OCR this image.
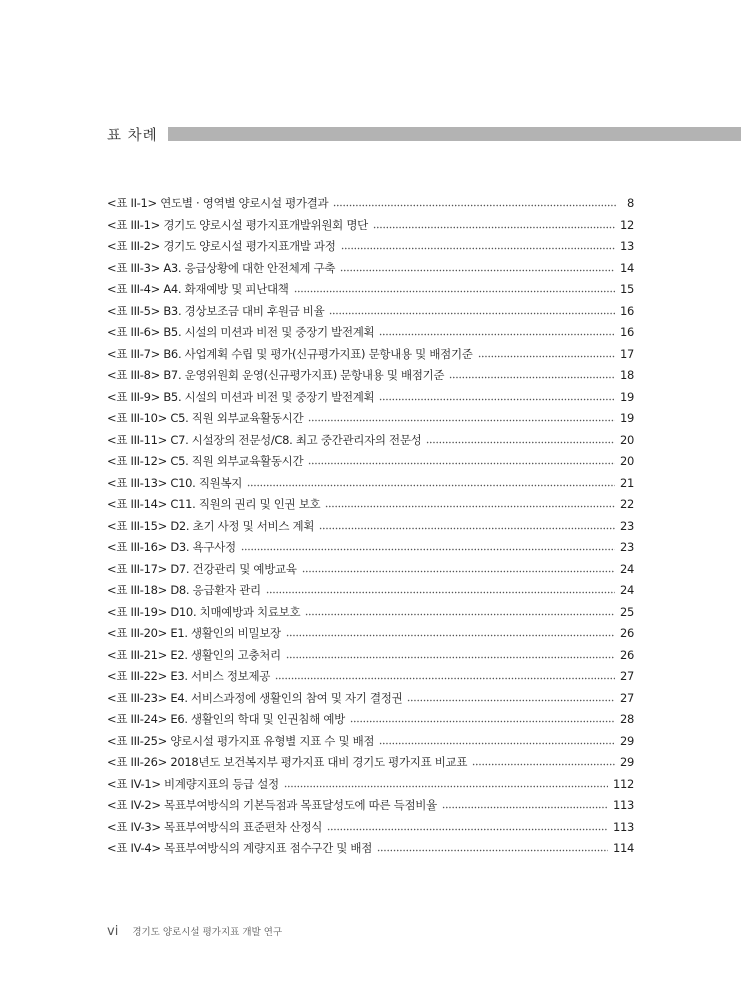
표 차례
<표 II-1> 연도별 · 영역별 양로시설 평가결과	8
<표 III-1> 경기도 양로시설 평가지표개발위원회 명단	12
<표 III-2> 경기도 양로시설 평가지표개발 과정	13
<표 III-3> A3. 응급상황에 대한 안전체계 구축	14
<표 III-4> A4. 화재예방 및 피난대책	15
<표 III-5> B3. 경상보조금 대비 후원금 비율	16
<표 III-6> B5. 시설의 미션과 비전 및 중장기 발전계획	16
<표 III-7> B6. 사업계획 수립 및 평가(신규평가지표) 문항내용 및 배점기준	17
<표 III-8> B7. 운영위원회 운영(신규평가지표) 문항내용 및 배점기준	18
<표 III-9> B5. 시설의 미션과 비전 및 중장기 발전계획	19
<표 III-10> C5. 직원 외부교육활동시간	19
<표 III-11> C7. 시설장의 전문성/C8. 최고 중간관리자의 전문성	20
<표 III-12> C5. 직원 외부교육활동시간	20
<표 III-13> C10. 직원복지	21
<표 III-14> C11. 직원의 권리 및 인권 보호	22
<표 III-15> D2. 초기 사정 및 서비스 계획	23
<표 III-16> D3. 욕구사정	23
<표 III-17> D7. 건강관리 및 예방교육	24
<표 III-18> D8. 응급환자 관리	24
<표 III-19> D10. 치매예방과 치료보호	25
<표 III-20> E1. 생활인의 비밀보장	26
<표 III-21> E2. 생활인의 고충처리	26
<표 III-22> E3. 서비스 정보제공	27
<표 III-23> E4. 서비스과정에 생활인의 참여 및 자기 결정권	27
<표 III-24> E6. 생활인의 학대 및 인권침해 예방	28
<표 III-25> 양로시설 평가지표 유형별 지표 수 및 배점	29
<표 III-26> 2018년도 보건복지부 평가지표 대비 경기도 평가지표 비교표	29
<표 IV-1> 비계량지표의 등급 설정	112
<표 IV-2> 목표부여방식의 기본득점과 목표달성도에 따른 득점비율	113
<표 IV-3> 목표부여방식의 표준편차 산정식	113
<표 IV-4> 목표부여방식의 계량지표 점수구간 및 배점	114
vi 경기도 양로시설 평가지표 개발 연구
